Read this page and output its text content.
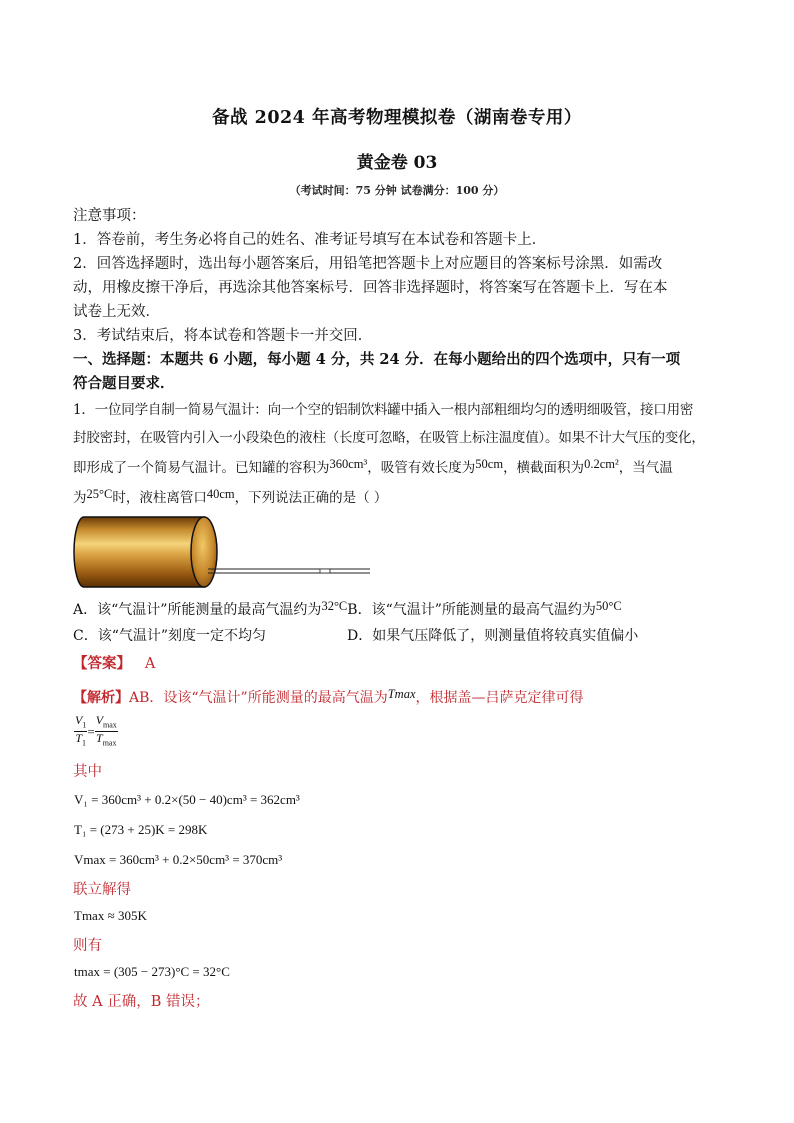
备战 2024 年高考物理模拟卷（湖南卷专用）
黄金卷 03
（考试时间：75 分钟 试卷满分：100 分）
注意事项：
1．答卷前，考生务必将自己的姓名、准考证号填写在本试卷和答题卡上．
2．回答选择题时，选出每小题答案后，用铅笔把答题卡上对应题目的答案标号涂黑．如需改
动，用橡皮擦干净后，再选涂其他答案标号．回答非选择题时，将答案写在答题卡上．写在本
试卷上无效．
3．考试结束后，将本试卷和答题卡一并交回．
一、选择题：本题共 6 小题，每小题 4 分，共 24 分．在每小题给出的四个选项中，只有一项
符合题目要求．
1．一位同学自制一简易气温计：向一个空的铝制饮料罐中插入一根内部粗细均匀的透明细吸管，接口用密
封胶密封，在吸管内引入一小段染色的液柱（长度可忽略，在吸管上标注温度值）。如果不计大气压的变化，
即形成了一个简易气温计。已知罐的容积为360cm³，吸管有效长度为50cm，横截面积为0.2cm²，当气温
为25°C时，液柱离管口40cm，下列说法正确的是（ ）
A．该“气温计”所能测量的最高气温约为32°CB．该“气温计”所能测量的最高气温约为50°C
C．该“气温计”刻度一定不均匀	D．如果气压降低了，则测量值将较真实值偏小
【答案】 A
【解析】AB．设该“气温计”所能测量的最高气温为Tmax，根据盖—吕萨克定律可得
$\frac{V_1}{T_1} = \frac{V_{max}}{T_{max}}$
其中
V₁ = 360cm³ + 0.2×(50 − 40)cm³ = 362cm³
T₁ = (273 + 25)K = 298K
Vmax = 360cm³ + 0.2×50cm³ = 370cm³
联立解得
Tmax ≈ 305K
则有
tmax = (305 − 273)°C = 32°C
故 A 正确，B 错误；
